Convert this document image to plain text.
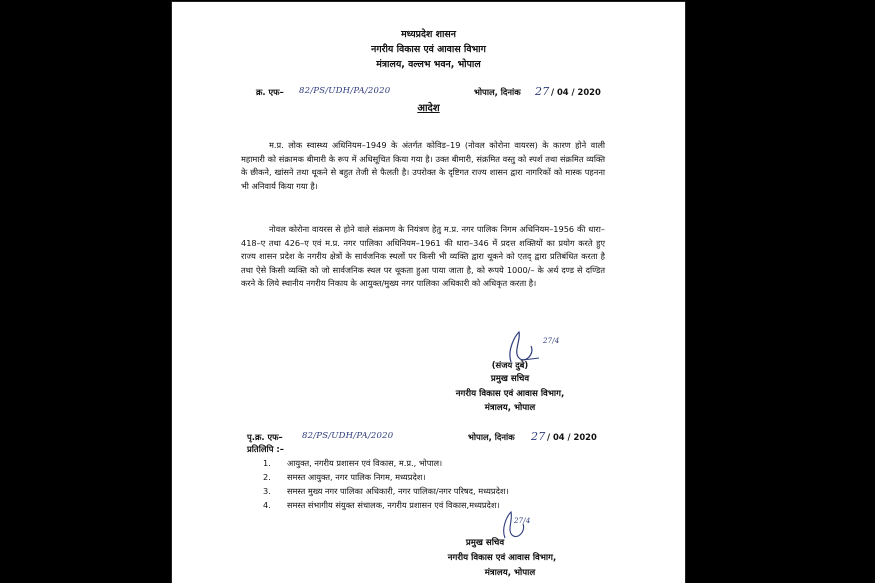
मध्यप्रदेश शासन
नगरीय विकास एवं आवास विभाग
मंत्रालय, वल्लभ भवन, भोपाल
क्र. एफ– 82/PS/UDH/PA/2020	भोपाल, दिनांक 27 / 04 / 2020
आदेश
म.प्र. लोक स्वास्थ्य अधिनियम–1949 के अंतर्गत कोविड–19 (नोवल कोरोना वायरस) के कारण होने वाली महामारी को संक्रामक बीमारी के रूप में अधिसूचित किया गया है। उक्त बीमारी, संक्रमित वस्तु को स्पर्श तथा संक्रमित व्यक्ति के छीकने, खांसने तथा थूकने से बहुत तेजी से फैलती है। उपरोक्त के दृष्टिगत राज्य शासन द्वारा नागरिकों को मास्क पहनना भी अनिवार्य किया गया है।
नोवल कोरोना वायरस से होने वाले संक्रमण के नियंत्रण हेतु म.प्र. नगर पालिक निगम अधिनियम–1956 की धारा–418–ए तथा 426–ए एवं म.प्र. नगर पालिका अधिनियम–1961 की धारा–346 में प्रदत्त शक्तियों का प्रयोग करते हुए राज्य शासन प्रदेश के नगरीय क्षेत्रों के सार्वजनिक स्थलों पर किसी भी व्यक्ति द्वारा थूकने को एतद् द्वारा प्रतिबंधित करता है तथा ऐसे किसी व्यक्ति को जो सार्वजनिक स्थल पर थूकता हुआ पाया जाता है, को रूपये 1000/– के अर्थ दण्ड से दण्डित करने के लिये स्थानीय नगरीय निकाय के आयुक्त/मुख्य नगर पालिका अधिकारी को अधिकृत करता है।
27/4
(संजय दुबे)
प्रमुख सचिव
नगरीय विकास एवं आवास विभाग,
मंत्रालय, भोपाल
पृ.क्र. एफ– 82/PS/UDH/PA/2020	भोपाल, दिनांक 27 / 04 / 2020
प्रतिलिपि :–
1. आयुक्त, नगरीय प्रशासन एवं विकास, म.प्र., भोपाल।
2. समस्त आयुक्त, नगर पालिक निगम, मध्यप्रदेश।
3. समस्त मुख्य नगर पालिका अधिकारी, नगर पालिका/नगर परिषद, मध्यप्रदेश।
4. समस्त संभागीय संयुक्त संचालक, नगरीय प्रशासन एवं विकास,मध्यप्रदेश।
27/4
प्रमुख सचिव
नगरीय विकास एवं आवास विभाग,
मंत्रालय, भोपाल
